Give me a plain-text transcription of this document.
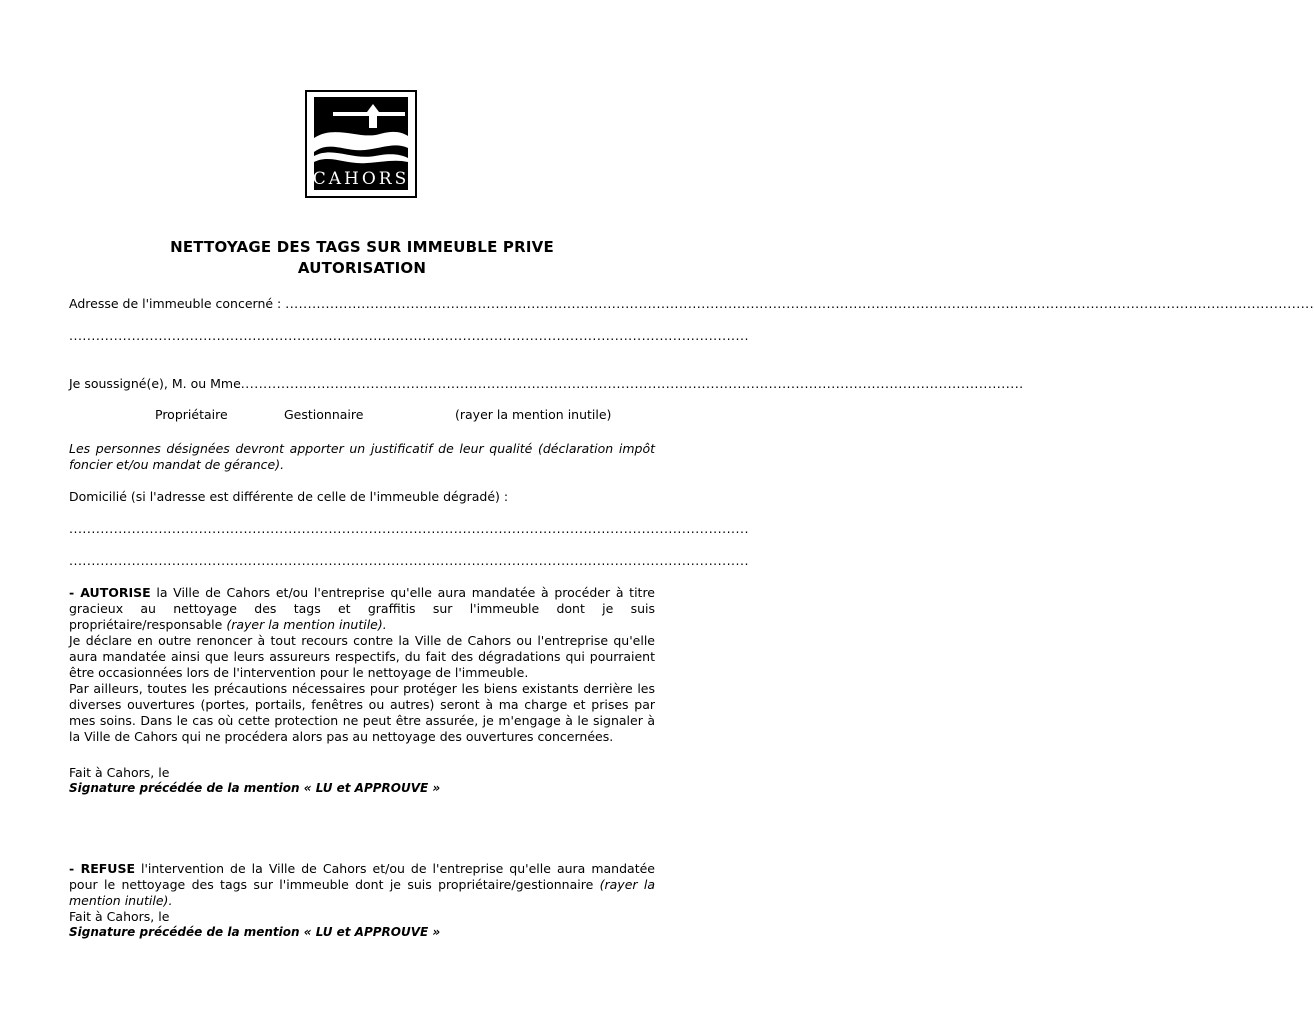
CAHORS
NETTOYAGE DES TAGS SUR IMMEUBLE PRIVE
AUTORISATION
Adresse de l'immeuble concerné : .....
........................................................................................................................................................
Je soussigné(e), M. ou Mme...............................................................................................................................................................................
Propriétaire	Gestionnaire	(rayer la mention inutile)
Les personnes désignées devront apporter un justificatif de leur qualité (déclaration impôt foncier et/ou mandat de gérance).
Domicilié (si l'adresse est différente de celle de l'immeuble dégradé) :
........................................................................................................................................................
........................................................................................................................................................

- AUTORISE la Ville de Cahors et/ou l'entreprise qu'elle aura mandatée à procéder à titre gracieux au nettoyage des tags et graffitis sur l'immeuble dont je suis propriétaire/responsable (rayer la mention inutile).

Je déclare en outre renoncer à tout recours contre la Ville de Cahors ou l'entreprise qu'elle aura mandatée ainsi que leurs assureurs respectifs, du fait des dégradations qui pourraient être occasionnées lors de l'intervention pour le nettoyage de l'immeuble.

Par ailleurs, toutes les précautions nécessaires pour protéger les biens existants derrière les diverses ouvertures (portes, portails, fenêtres ou autres) seront à ma charge et prises par mes soins. Dans le cas où cette protection ne peut être assurée, je m'engage à le signaler à la Ville de Cahors qui ne procédera alors pas au nettoyage des ouvertures concernées.

Fait à Cahors, le
Signature précédée de la mention « LU et APPROUVE »

- REFUSE l'intervention de la Ville de Cahors et/ou de l'entreprise qu'elle aura mandatée pour le nettoyage des tags sur l'immeuble dont je suis propriétaire/gestionnaire (rayer la mention inutile).

Fait à Cahors, le
Signature précédée de la mention « LU et APPROUVE »
